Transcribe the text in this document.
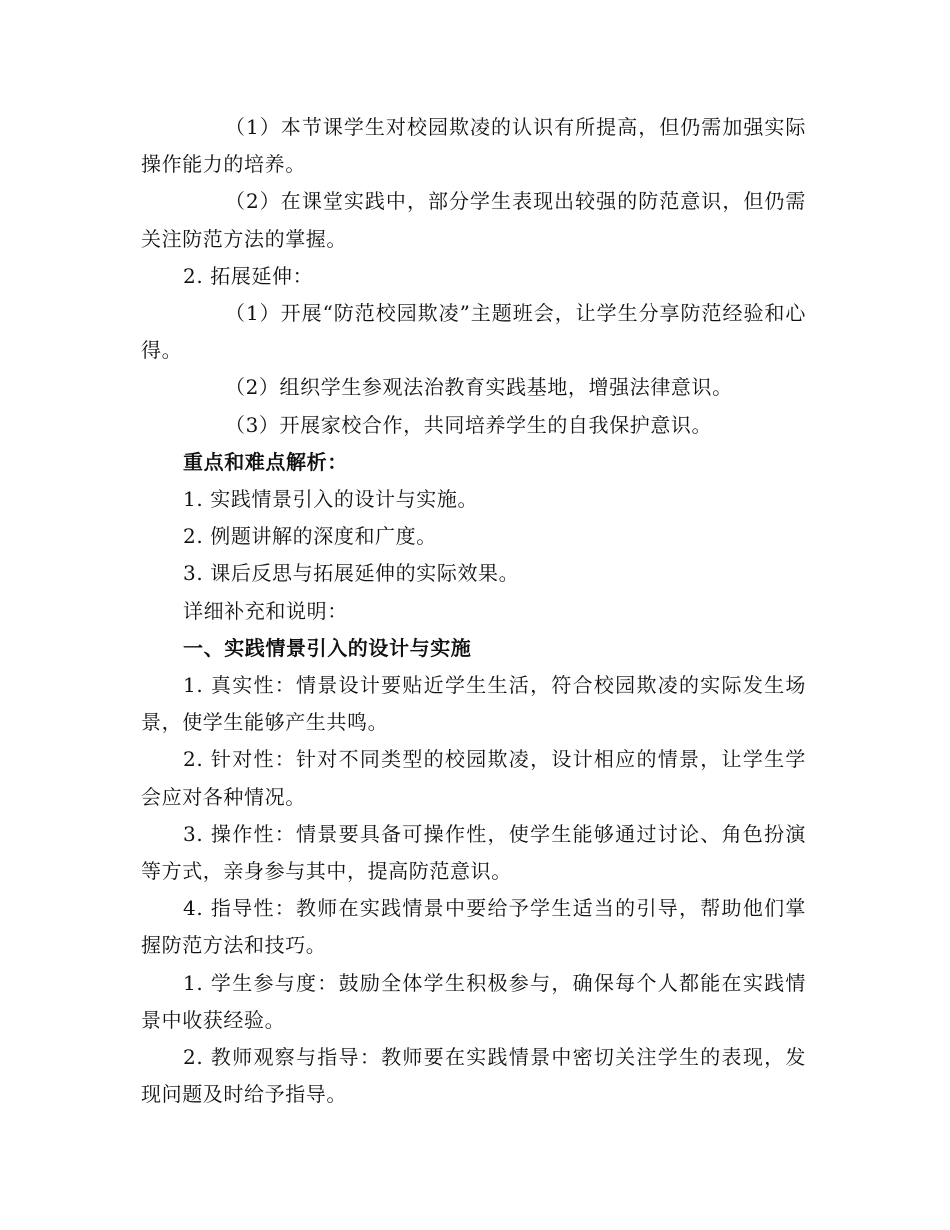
（1）本节课学生对校园欺凌的认识有所提高，但仍需加强实际操作能力的培养。

（2）在课堂实践中，部分学生表现出较强的防范意识，但仍需关注防范方法的掌握。

2. 拓展延伸：

（1）开展“防范校园欺凌”主题班会，让学生分享防范经验和心得。

（2）组织学生参观法治教育实践基地，增强法律意识。

（3）开展家校合作，共同培养学生的自我保护意识。

重点和难点解析：

1. 实践情景引入的设计与实施。

2. 例题讲解的深度和广度。

3. 课后反思与拓展延伸的实际效果。

详细补充和说明：

一、实践情景引入的设计与实施

1. 真实性：情景设计要贴近学生生活，符合校园欺凌的实际发生场景，使学生能够产生共鸣。

2. 针对性：针对不同类型的校园欺凌，设计相应的情景，让学生学会应对各种情况。

3. 操作性：情景要具备可操作性，使学生能够通过讨论、角色扮演等方式，亲身参与其中，提高防范意识。

4. 指导性：教师在实践情景中要给予学生适当的引导，帮助他们掌握防范方法和技巧。

1. 学生参与度：鼓励全体学生积极参与，确保每个人都能在实践情景中收获经验。

2. 教师观察与指导：教师要在实践情景中密切关注学生的表现，发现问题及时给予指导。
